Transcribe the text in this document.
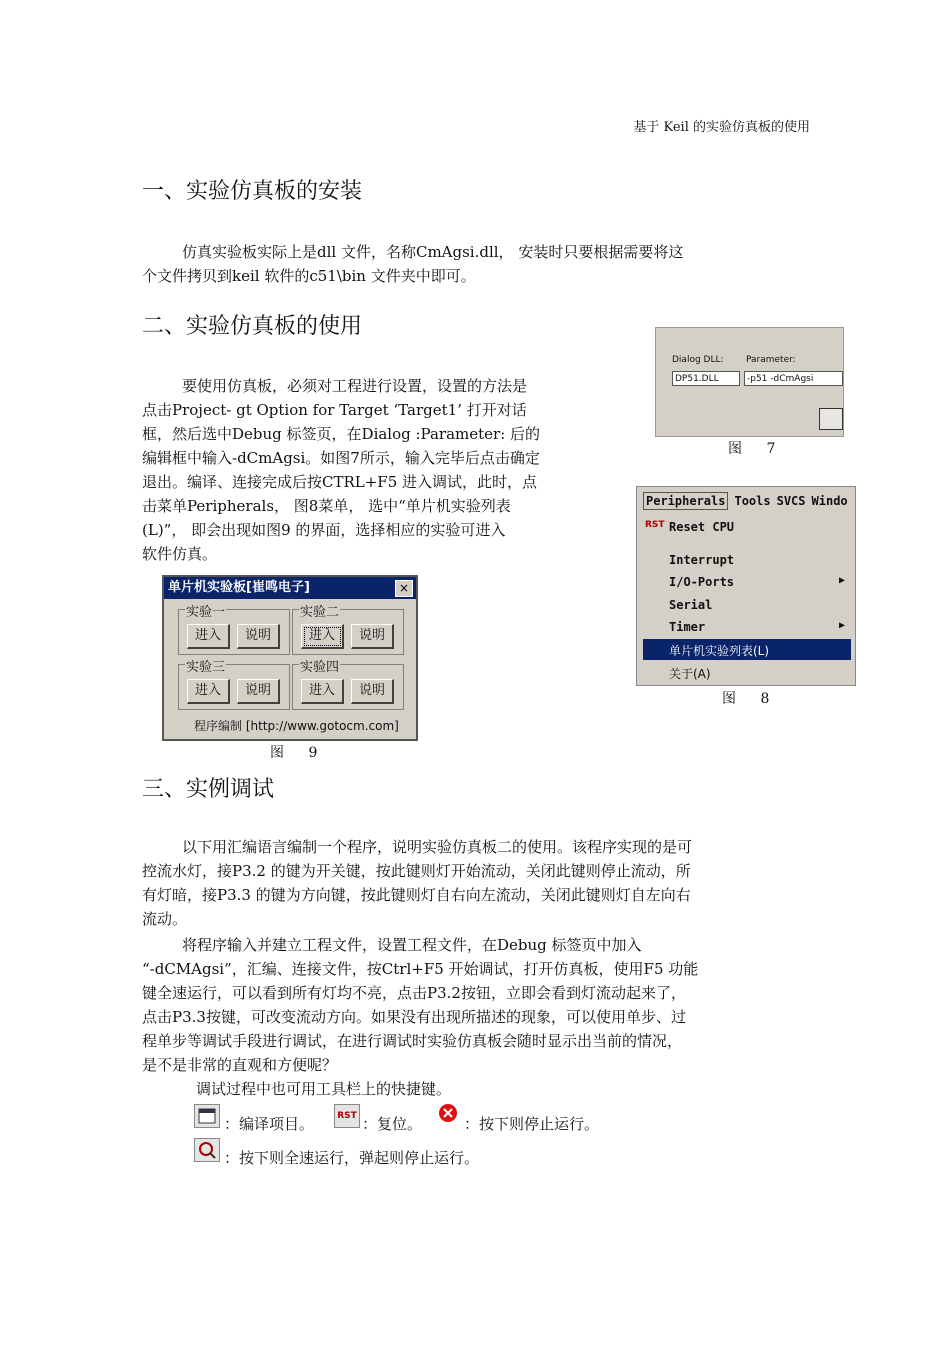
基于 Keil 的实验仿真板的使用
一、实验仿真板的安装
仿真实验板实际上是dll 文件，名称CmAgsi.dll， 安装时只要根据需要将这
个文件拷贝到keil 软件的c51\bin 文件夹中即可。
二、实验仿真板的使用
要使用仿真板，必须对工程进行设置，设置的方法是
点击Project- gt Option for Target ‘Target1’ 打开对话
框，然后选中Debug 标签页，在Dialog :Parameter: 后的
编辑框中输入-dCmAgsi。如图7所示，输入完毕后点击确定
退出。编译、连接完成后按CTRL+F5 进入调试，此时，点
击菜单Peripherals， 图8菜单， 选中“单片机实验列表
(L)”， 即会出现如图9 的界面，选择相应的实验可进入
软件仿真。
Dialog DLL: Parameter:
DP51.DLL	-p51 -dCmAgsi
图 7
Peripherals Tools SVCS Windo
RST Reset CPU
Interrupt
I/O-Ports	▶
Serial
Timer	▶
单片机实验列表(L)
关于(A)
图 8
单片机实验板[崔鸣电子]	×
实验一
进入	说明
实验二
进入	说明
实验三
进入	说明
实验四
进入	说明
程序编制 [http://www.gotocm.com]
图 9
三、实例调试
以下用汇编语言编制一个程序，说明实验仿真板二的使用。该程序实现的是可
控流水灯，接P3.2 的键为开关键，按此键则灯开始流动，关闭此键则停止流动，所
有灯暗，接P3.3 的键为方向键，按此键则灯自右向左流动，关闭此键则灯自左向右
流动。
将程序输入并建立工程文件，设置工程文件，在Debug 标签页中加入
“-dCMAgsi”，汇编、连接文件，按Ctrl+F5 开始调试，打开仿真板，使用F5 功能
键全速运行，可以看到所有灯均不亮，点击P3.2按钮，立即会看到灯流动起来了，
点击P3.3按键，可改变流动方向。如果没有出现所描述的现象，可以使用单步、过
程单步等调试手段进行调试，在进行调试时实验仿真板会随时显示出当前的情况，
是不是非常的直观和方便呢？
调试过程中也可用工具栏上的快捷键。
：编译项目。	RST ：复位。	：按下则停止运行。
：按下则全速运行，弹起则停止运行。
